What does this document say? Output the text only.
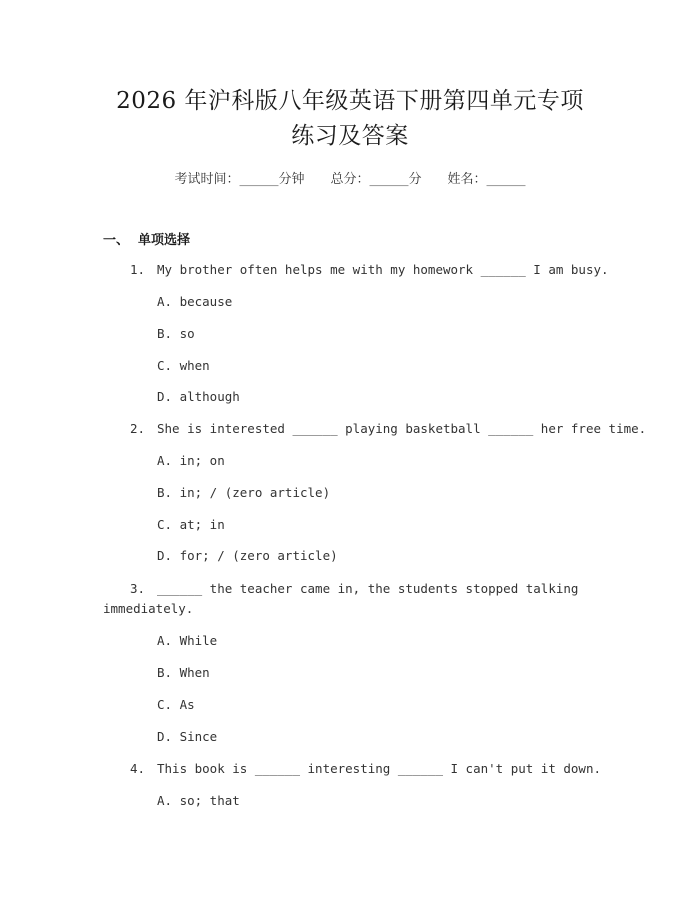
2026 年沪科版八年级英语下册第四单元专项
练习及答案
考试时间：______分钟 总分：______分 姓名：______
一、  单项选择
1. My brother often helps me with my homework ______ I am busy.
A. because
B. so
C. when
D. although
2. She is interested ______ playing basketball ______ her free time.
A. in; on
B. in; / (zero article)
C. at; in
D. for; / (zero article)
3. ______ the teacher came in, the students stopped talking
immediately.
A. While
B. When
C. As
D. Since
4. This book is ______ interesting ______ I can't put it down.
A. so; that
